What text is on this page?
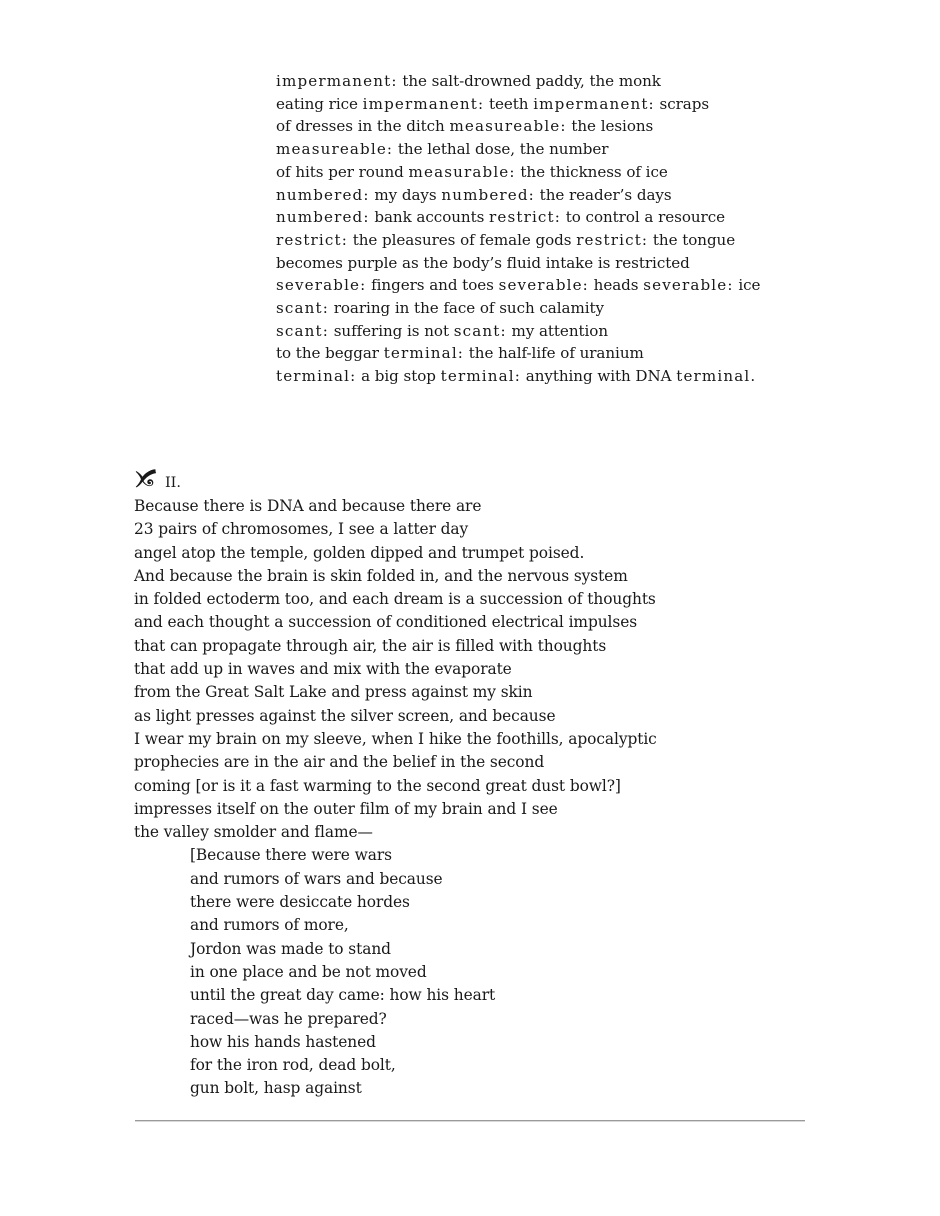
impermanent: the salt-drowned paddy, the monk
eating rice impermanent: teeth impermanent: scraps
of dresses in the ditch measureable: the lesions
measureable: the lethal dose, the number
of hits per round measurable: the thickness of ice
numbered: my days numbered: the reader’s days
numbered: bank accounts restrict: to control a resource
restrict: the pleasures of female gods restrict: the tongue
becomes purple as the body’s fluid intake is restricted
severable: fingers and toes severable: heads severable: ice
scant: roaring in the face of such calamity
scant: suffering is not scant: my attention
to the beggar terminal: the half-life of uranium
terminal: a big stop terminal: anything with DNA terminal.
II.
Because there is DNA and because there are
23 pairs of chromosomes, I see a latter day
angel atop the temple, golden dipped and trumpet poised.
And because the brain is skin folded in, and the nervous system
in folded ectoderm too, and each dream is a succession of thoughts
and each thought a succession of conditioned electrical impulses
that can propagate through air, the air is filled with thoughts
that add up in waves and mix with the evaporate
from the Great Salt Lake and press against my skin
as light presses against the silver screen, and because
I wear my brain on my sleeve, when I hike the foothills, apocalyptic
prophecies are in the air and the belief in the second
coming [or is it a fast warming to the second great dust bowl?]
impresses itself on the outer film of my brain and I see
the valley smolder and flame—
[Because there were wars
and rumors of wars and because
there were desiccate hordes
and rumors of more,
Jordon was made to stand
in one place and be not moved
until the great day came: how his heart
raced—was he prepared?
how his hands hastened
for the iron rod, dead bolt,
gun bolt, hasp against
